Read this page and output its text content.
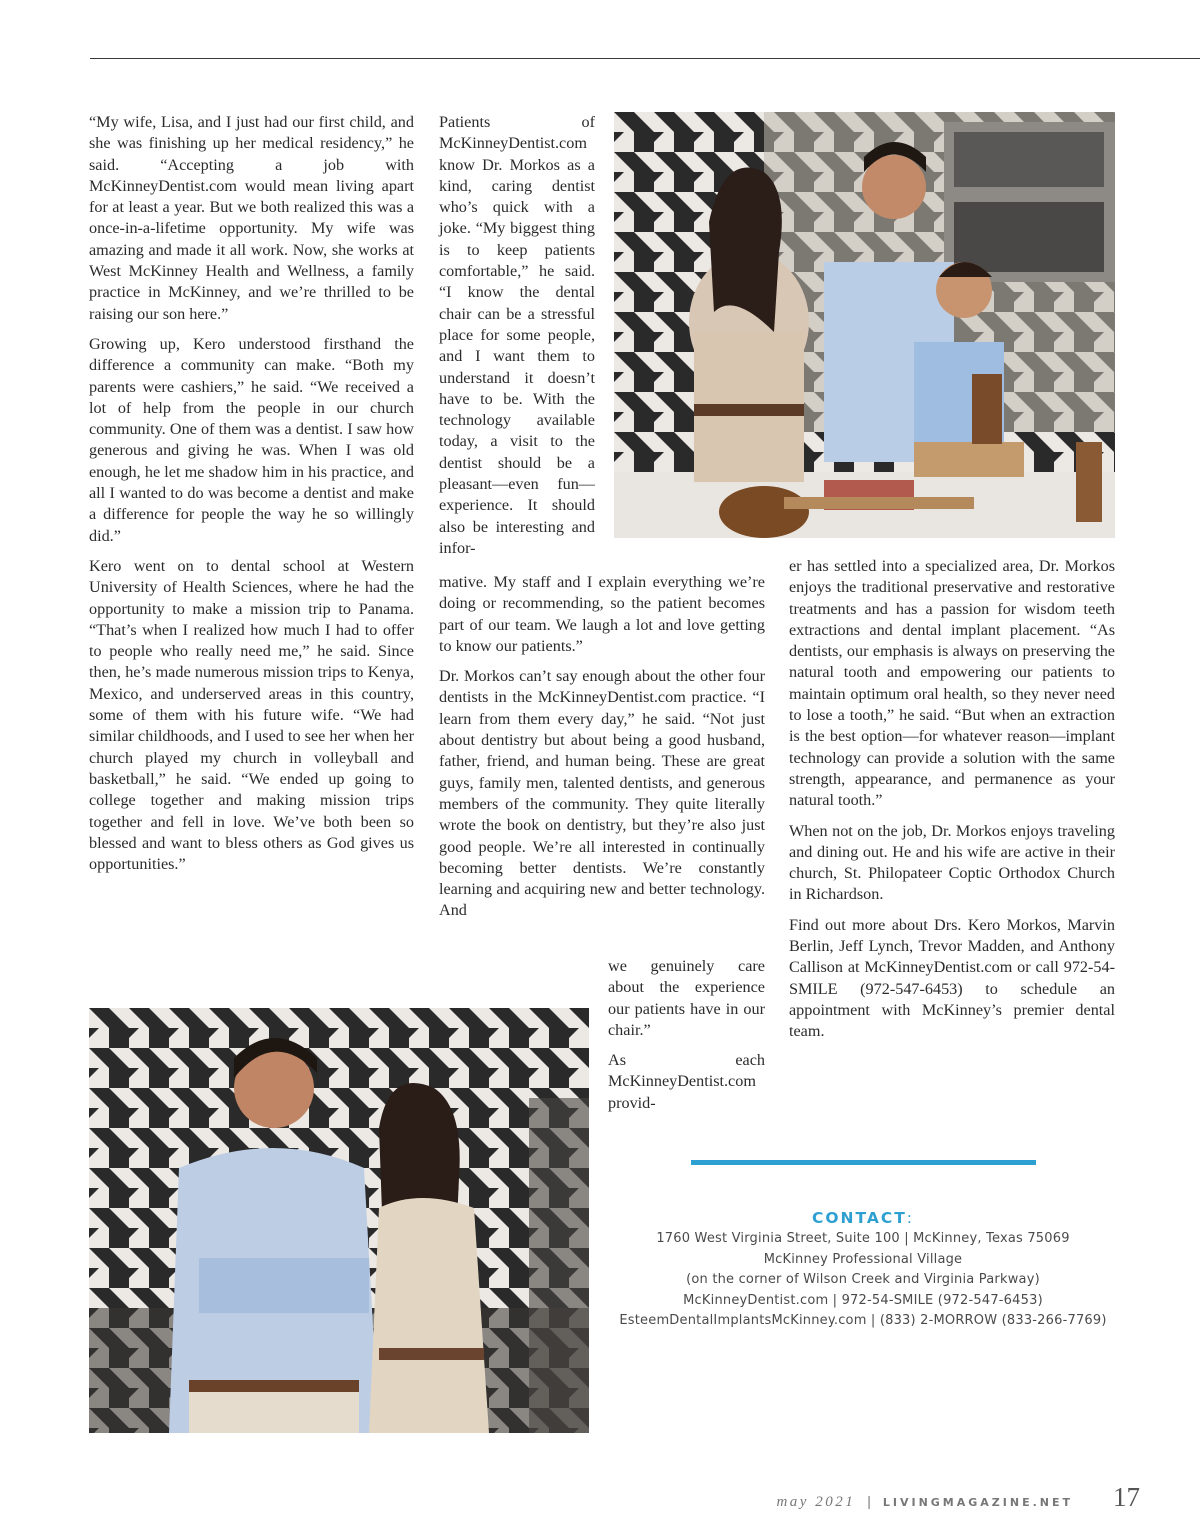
“My wife, Lisa, and I just had our first child, and she was finishing up her medical residency,” he said. “Accepting a job with McKinneyDentist.com would mean living apart for at least a year. But we both realized this was a once-in-a-lifetime opportunity. My wife was amazing and made it all work. Now, she works at West McKinney Health and Wellness, a family practice in McKinney, and we’re thrilled to be raising our son here.”

Growing up, Kero understood firsthand the difference a community can make. “Both my parents were cashiers,” he said. “We received a lot of help from the people in our church community. One of them was a dentist. I saw how generous and giving he was. When I was old enough, he let me shadow him in his practice, and all I wanted to do was become a dentist and make a difference for people the way he so willingly did.”

Kero went on to dental school at Western University of Health Sciences, where he had the opportunity to make a mission trip to Panama. “That’s when I realized how much I had to offer to people who really need me,” he said. Since then, he’s made numerous mission trips to Kenya, Mexico, and underserved areas in this country, some of them with his future wife. “We had similar childhoods, and I used to see her when her church played my church in volleyball and basketball,” he said. “We ended up going to college together and making mission trips together and fell in love. We’ve both been so blessed and want to bless others as God gives us opportunities.”

Patients of McKinneyDentist.com know Dr. Morkos as a kind, caring dentist who’s quick with a joke. “My biggest thing is to keep patients comfortable,” he said. “I know the dental chair can be a stressful place for some people, and I want them to understand it doesn’t have to be. With the technology available today, a visit to the dentist should be a pleasant—even fun—experience. It should also be interesting and infor-

mative. My staff and I explain everything we’re doing or recommending, so the patient becomes part of our team. We laugh a lot and love getting to know our patients.”

Dr. Morkos can’t say enough about the other four dentists in the McKinneyDentist.com practice. “I learn from them every day,” he said. “Not just about dentistry but about being a good husband, father, friend, and human being. These are great guys, family men, talented dentists, and generous members of the community. They quite literally wrote the book on dentistry, but they’re also just good people. We’re all interested in continually becoming better dentists. We’re constantly learning and acquiring new and better technology. And

we genuinely care about the experience our patients have in our chair.”

As each McKinneyDentist.com provid-

er has settled into a specialized area, Dr. Morkos enjoys the traditional preservative and restorative treatments and has a passion for wisdom teeth extractions and dental implant placement. “As dentists, our emphasis is always on preserving the natural tooth and empowering our patients to maintain optimum oral health, so they never need to lose a tooth,” he said. “But when an extraction is the best option—for whatever reason—implant technology can provide a solution with the same strength, appearance, and permanence as your natural tooth.”

When not on the job, Dr. Morkos enjoys traveling and dining out. He and his wife are active in their church, St. Philopateer Coptic Orthodox Church in Richardson.

Find out more about Drs. Kero Morkos, Marvin Berlin, Jeff Lynch, Trevor Madden, and Anthony Callison at McKinneyDentist.com or call 972-54-SMILE (972-547-6453) to schedule an appointment with McKinney’s premier dental team.

CONTACT:
1760 West Virginia Street, Suite 100 | McKinney, Texas 75069
McKinney Professional Village
(on the corner of Wilson Creek and Virginia Parkway)
McKinneyDentist.com | 972-54-SMILE (972-547-6453)
EsteemDentalImplantsMcKinney.com | (833) 2-MORROW (833-266-7769)
may 2021 | LIVINGMAGAZINE.NET 17
